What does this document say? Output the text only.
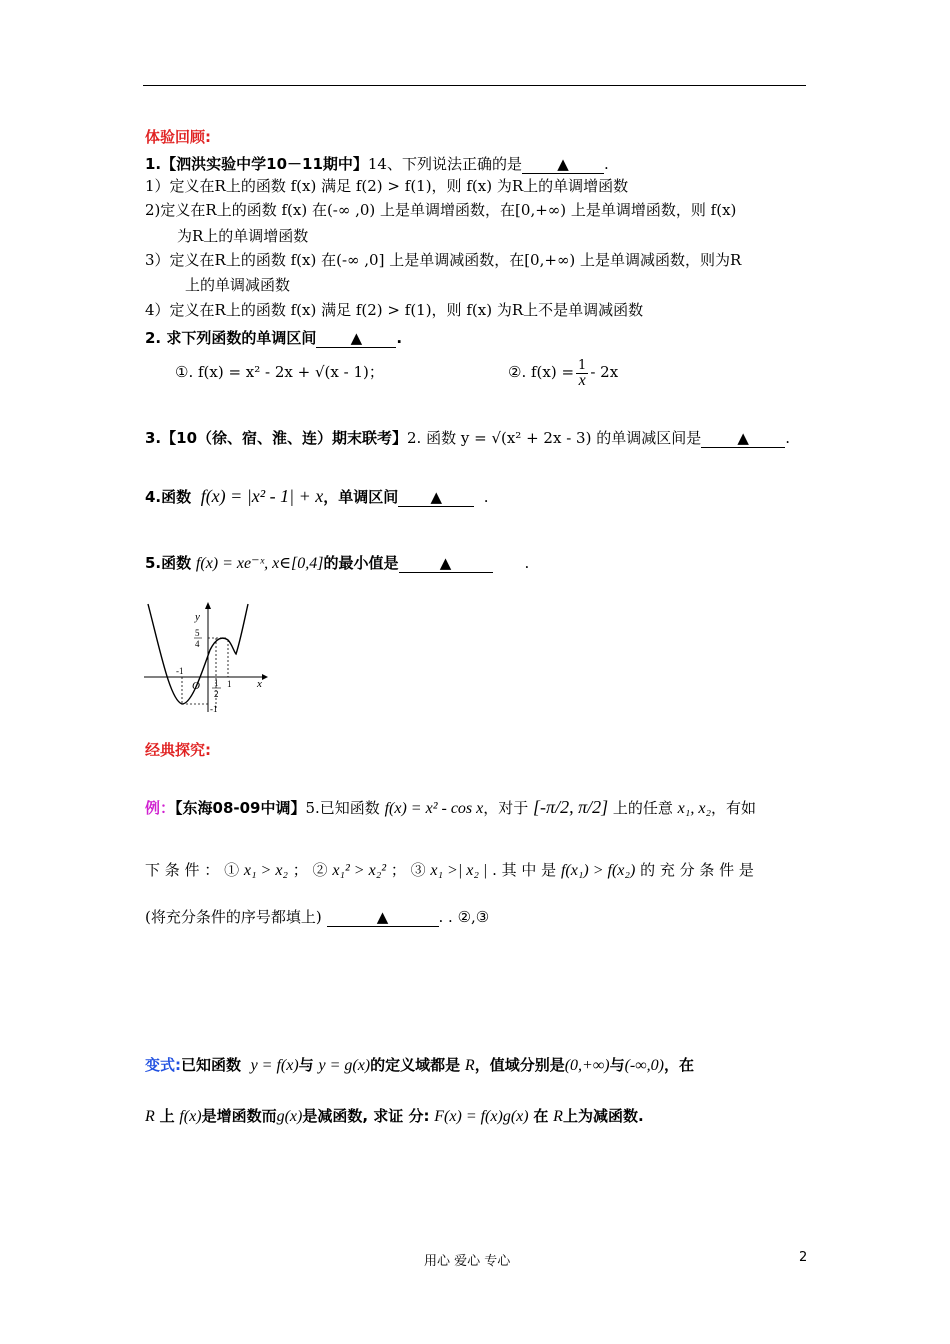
体验回顾:
1.【泗洪实验中学10－11期中】14、下列说法正确的是 ▲ .
1）定义在R上的函数 f(x) 满足 f(2) > f(1)，则 f(x) 为R上的单调增函数
2)定义在R上的函数 f(x) 在(-∞ ,0) 上是单调增函数，在[0,+∞) 上是单调增函数，则 f(x)
为R上的单调增函数
3）定义在R上的函数 f(x) 在(-∞ ,0] 上是单调减函数，在[0,+∞) 上是单调减函数，则为R
上的单调减函数
4）定义在R上的函数 f(x) 满足 f(2) > f(1)，则 f(x) 为R上不是单调减函数
2. 求下列函数的单调区间 ▲ .
①. f(x) = x² - 2x + √(x - 1)；	②. $f(x) = \frac{1}{x} - 2x$
3.【10（徐、宿、淮、连）期末联考】2. 函数 y = √(x² + 2x - 3) 的单调减区间是 ▲ .
4.函数 f(x) = |x² - 1| + x，单调区间 ▲	.
5.函数 f(x) = xe⁻ˣ, x∈[0,4]的最小值是	▲	.
y
x
O
5
4
-1
1
2
1
-1
经典探究:
例：【东海08-09中调】5.已知函数 f(x) = x² - cos x，对于 [-π/2, π/2] 上的任意 x₁, x₂，有如
下 条 件 ： ① x₁ > x₂ ； ② x₁² > x₂² ； ③ x₁ >| x₂ | . 其 中 是 f(x₁) > f(x₂) 的 充 分 条 件 是
(将充分条件的序号都填上)	▲	. . ②,③
变式:已知函数 y = f(x)与 y = g(x)的定义域都是 R，值域分别是(0,+∞)与(-∞,0)，在
R 上 f(x)是增函数而g(x)是减函数, 求证 分: F(x) = f(x)g(x) 在 R上为减函数.
用心 爱心 专心	2
